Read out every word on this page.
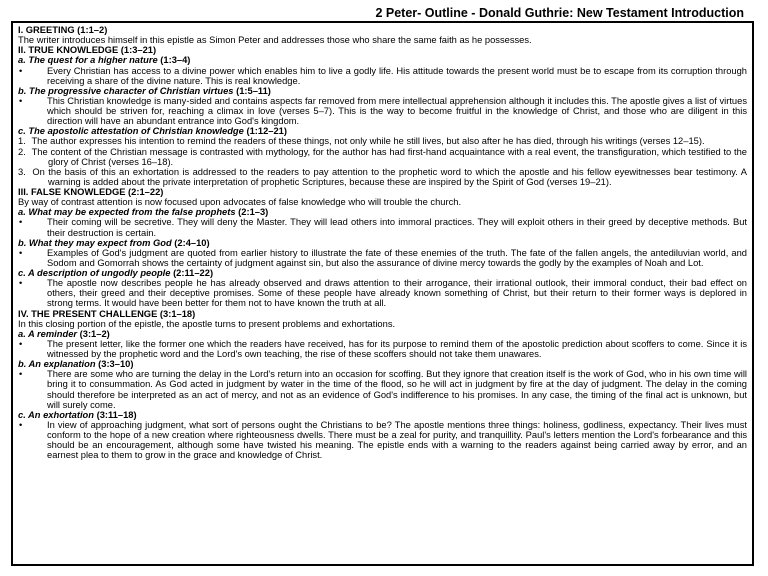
2 Peter- Outline - Donald Guthrie: New Testament Introduction
I. GREETING (1:1–2)
The writer introduces himself in this epistle as Simon Peter and addresses those who share the same faith as he possesses.
II. TRUE KNOWLEDGE (1:3–21)
a. The quest for a higher nature (1:3–4)
• Every Christian has access to a divine power which enables him to live a godly life. His attitude towards the present world must be to escape from its corruption through receiving a share of the divine nature. This is real knowledge.
b. The progressive character of Christian virtues (1:5–11)
• This Christian knowledge is many-sided and contains aspects far removed from mere intellectual apprehension although it includes this. The apostle gives a list of virtues which should be striven for, reaching a climax in love (verses 5–7). This is the way to become fruitful in the knowledge of Christ, and those who are diligent in this direction will have an abundant entrance into God's kingdom.
c. The apostolic attestation of Christian knowledge (1:12–21)
1. The author expresses his intention to remind the readers of these things, not only while he still lives, but also after he has died, through his writings (verses 12–15).
2. The content of the Christian message is contrasted with mythology, for the author has had first-hand acquaintance with a real event, the transfiguration, which testified to the glory of Christ (verses 16–18).
3. On the basis of this an exhortation is addressed to the readers to pay attention to the prophetic word to which the apostle and his fellow eyewitnesses bear testimony. A warning is added about the private interpretation of prophetic Scriptures, because these are inspired by the Spirit of God (verses 19–21).
III. FALSE KNOWLEDGE (2:1–22)
By way of contrast attention is now focused upon advocates of false knowledge who will trouble the church.
a. What may be expected from the false prophets (2:1–3)
• Their coming will be secretive. They will deny the Master. They will lead others into immoral practices. They will exploit others in their greed by deceptive methods. But their destruction is certain.
b. What they may expect from God (2:4–10)
• Examples of God's judgment are quoted from earlier history to illustrate the fate of these enemies of the truth. The fate of the fallen angels, the antediluvian world, and Sodom and Gomorrah shows the certainty of judgment against sin, but also the assurance of divine mercy towards the godly by the examples of Noah and Lot.
c. A description of ungodly people (2:11–22)
• The apostle now describes people he has already observed and draws attention to their arrogance, their irrational outlook, their immoral conduct, their bad effect on others, their greed and their deceptive promises. Some of these people have already known something of Christ, but their return to their former ways is deplored in strong terms. It would have been better for them not to have known the truth at all.
IV. THE PRESENT CHALLENGE (3:1–18)
In this closing portion of the epistle, the apostle turns to present problems and exhortations.
a. A reminder (3:1–2)
• The present letter, like the former one which the readers have received, has for its purpose to remind them of the apostolic prediction about scoffers to come. Since it is witnessed by the prophetic word and the Lord's own teaching, the rise of these scoffers should not take them unawares.
b. An explanation (3:3–10)
• There are some who are turning the delay in the Lord's return into an occasion for scoffing. But they ignore that creation itself is the work of God, who in his own time will bring it to consummation. As God acted in judgment by water in the time of the flood, so he will act in judgment by fire at the day of judgment. The delay in the coming should therefore be interpreted as an act of mercy, and not as an evidence of God's indifference to his promises. In any case, the timing of the final act is unknown, but will surely come.
c. An exhortation (3:11–18)
• In view of approaching judgment, what sort of persons ought the Christians to be? The apostle mentions three things: holiness, godliness, expectancy. Their lives must conform to the hope of a new creation where righteousness dwells. There must be a zeal for purity, and tranquillity. Paul's letters mention the Lord's forbearance and this should be an encouragement, although some have twisted his meaning. The epistle ends with a warning to the readers against being carried away by error, and an earnest plea to them to grow in the grace and knowledge of Christ.
